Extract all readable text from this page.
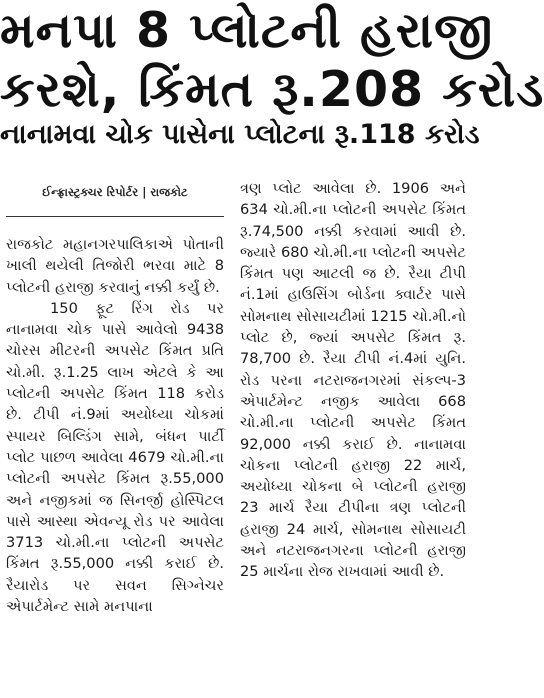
મનપા 8 પ્લોટની હરાજી
કરશે, કિંમત રૂ.208 કરોડ
નાનામવા ચોક પાસેના પ્લોટના રૂ.118 કરોડ
ઈન્ફ્રાસ્ટ્રક્ચર રિપોર્ટર | રાજકોટ

રાજકોટ મહાનગરપાલિકાએ પોતાની ખાલી થયેલી તિજોરી ભરવા માટે 8 પ્લોટની હરાજી કરવાનું નક્કી કર્યું છે.

150 ફૂટ રિંગ રોડ પર નાનામવા ચોક પાસે આવેલો 9438 ચોરસ મીટરની અપસેટ કિંમત પ્રતિ ચો.મી. રૂ.1.25 લાખ એટલે કે આ પ્લોટની અપસેટ કિંમત 118 કરોડ છે. ટીપી નં.9માં અયોધ્યા ચોકમાં સ્પાયર બિલ્ડિંગ સામે, બંધન પાર્ટી પ્લોટ પાછળ આવેલા 4679 ચો.મી.ના પ્લોટની અપસેટ કિંમત રૂ.55,000 અને નજીકમાં જ સિનર્જી હોસ્પિટલ પાસે આસ્થા એવન્યૂ રોડ પર આવેલા 3713 ચો.મી.ના પ્લોટની અપસેટ કિંમત રૂ.55,000 નક્કી કરાઈ છે. રૈયારોડ પર સવન સિગ્નેચર એપાર્ટમેન્ટ સામે મનપાના

ત્રણ પ્લોટ આવેલા છે. 1906 અને 634 ચો.મી.ના પ્લોટની અપસેટ કિંમત રૂ.74,500 નક્કી કરવામાં આવી છે. જ્યારે 680 ચો.મી.ના પ્લોટની અપસેટ કિંમત પણ આટલી જ છે. રૈયા ટીપી નં.1માં હાઉસિંગ બોર્ડના ક્વાર્ટર પાસે સોમનાથ સોસાયટીમાં 1215 ચો.મી.નો પ્લોટ છે, જ્યાં અપસેટ કિંમત રૂ. 78,700 છે. રૈયા ટીપી નં.4માં યુનિ. રોડ પરના નટરાજનગરમાં સંકલ્પ-3 એપાર્ટમેન્ટ નજીક આવેલા 668 ચો.મી.ના પ્લોટની અપસેટ કિંમત 92,000 નક્કી કરાઈ છે. નાનામવા ચોકના પ્લોટની હરાજી 22 માર્ચ, અયોધ્યા ચોકના બે પ્લોટની હરાજી 23 માર્ચ રૈયા ટીપીના ત્રણ પ્લોટની હરાજી 24 માર્ચ, સોમનાથ સોસાયટી અને નટરાજનગરના પ્લોટની હરાજી 25 માર્ચના રોજ રાખવામાં આવી છે.
